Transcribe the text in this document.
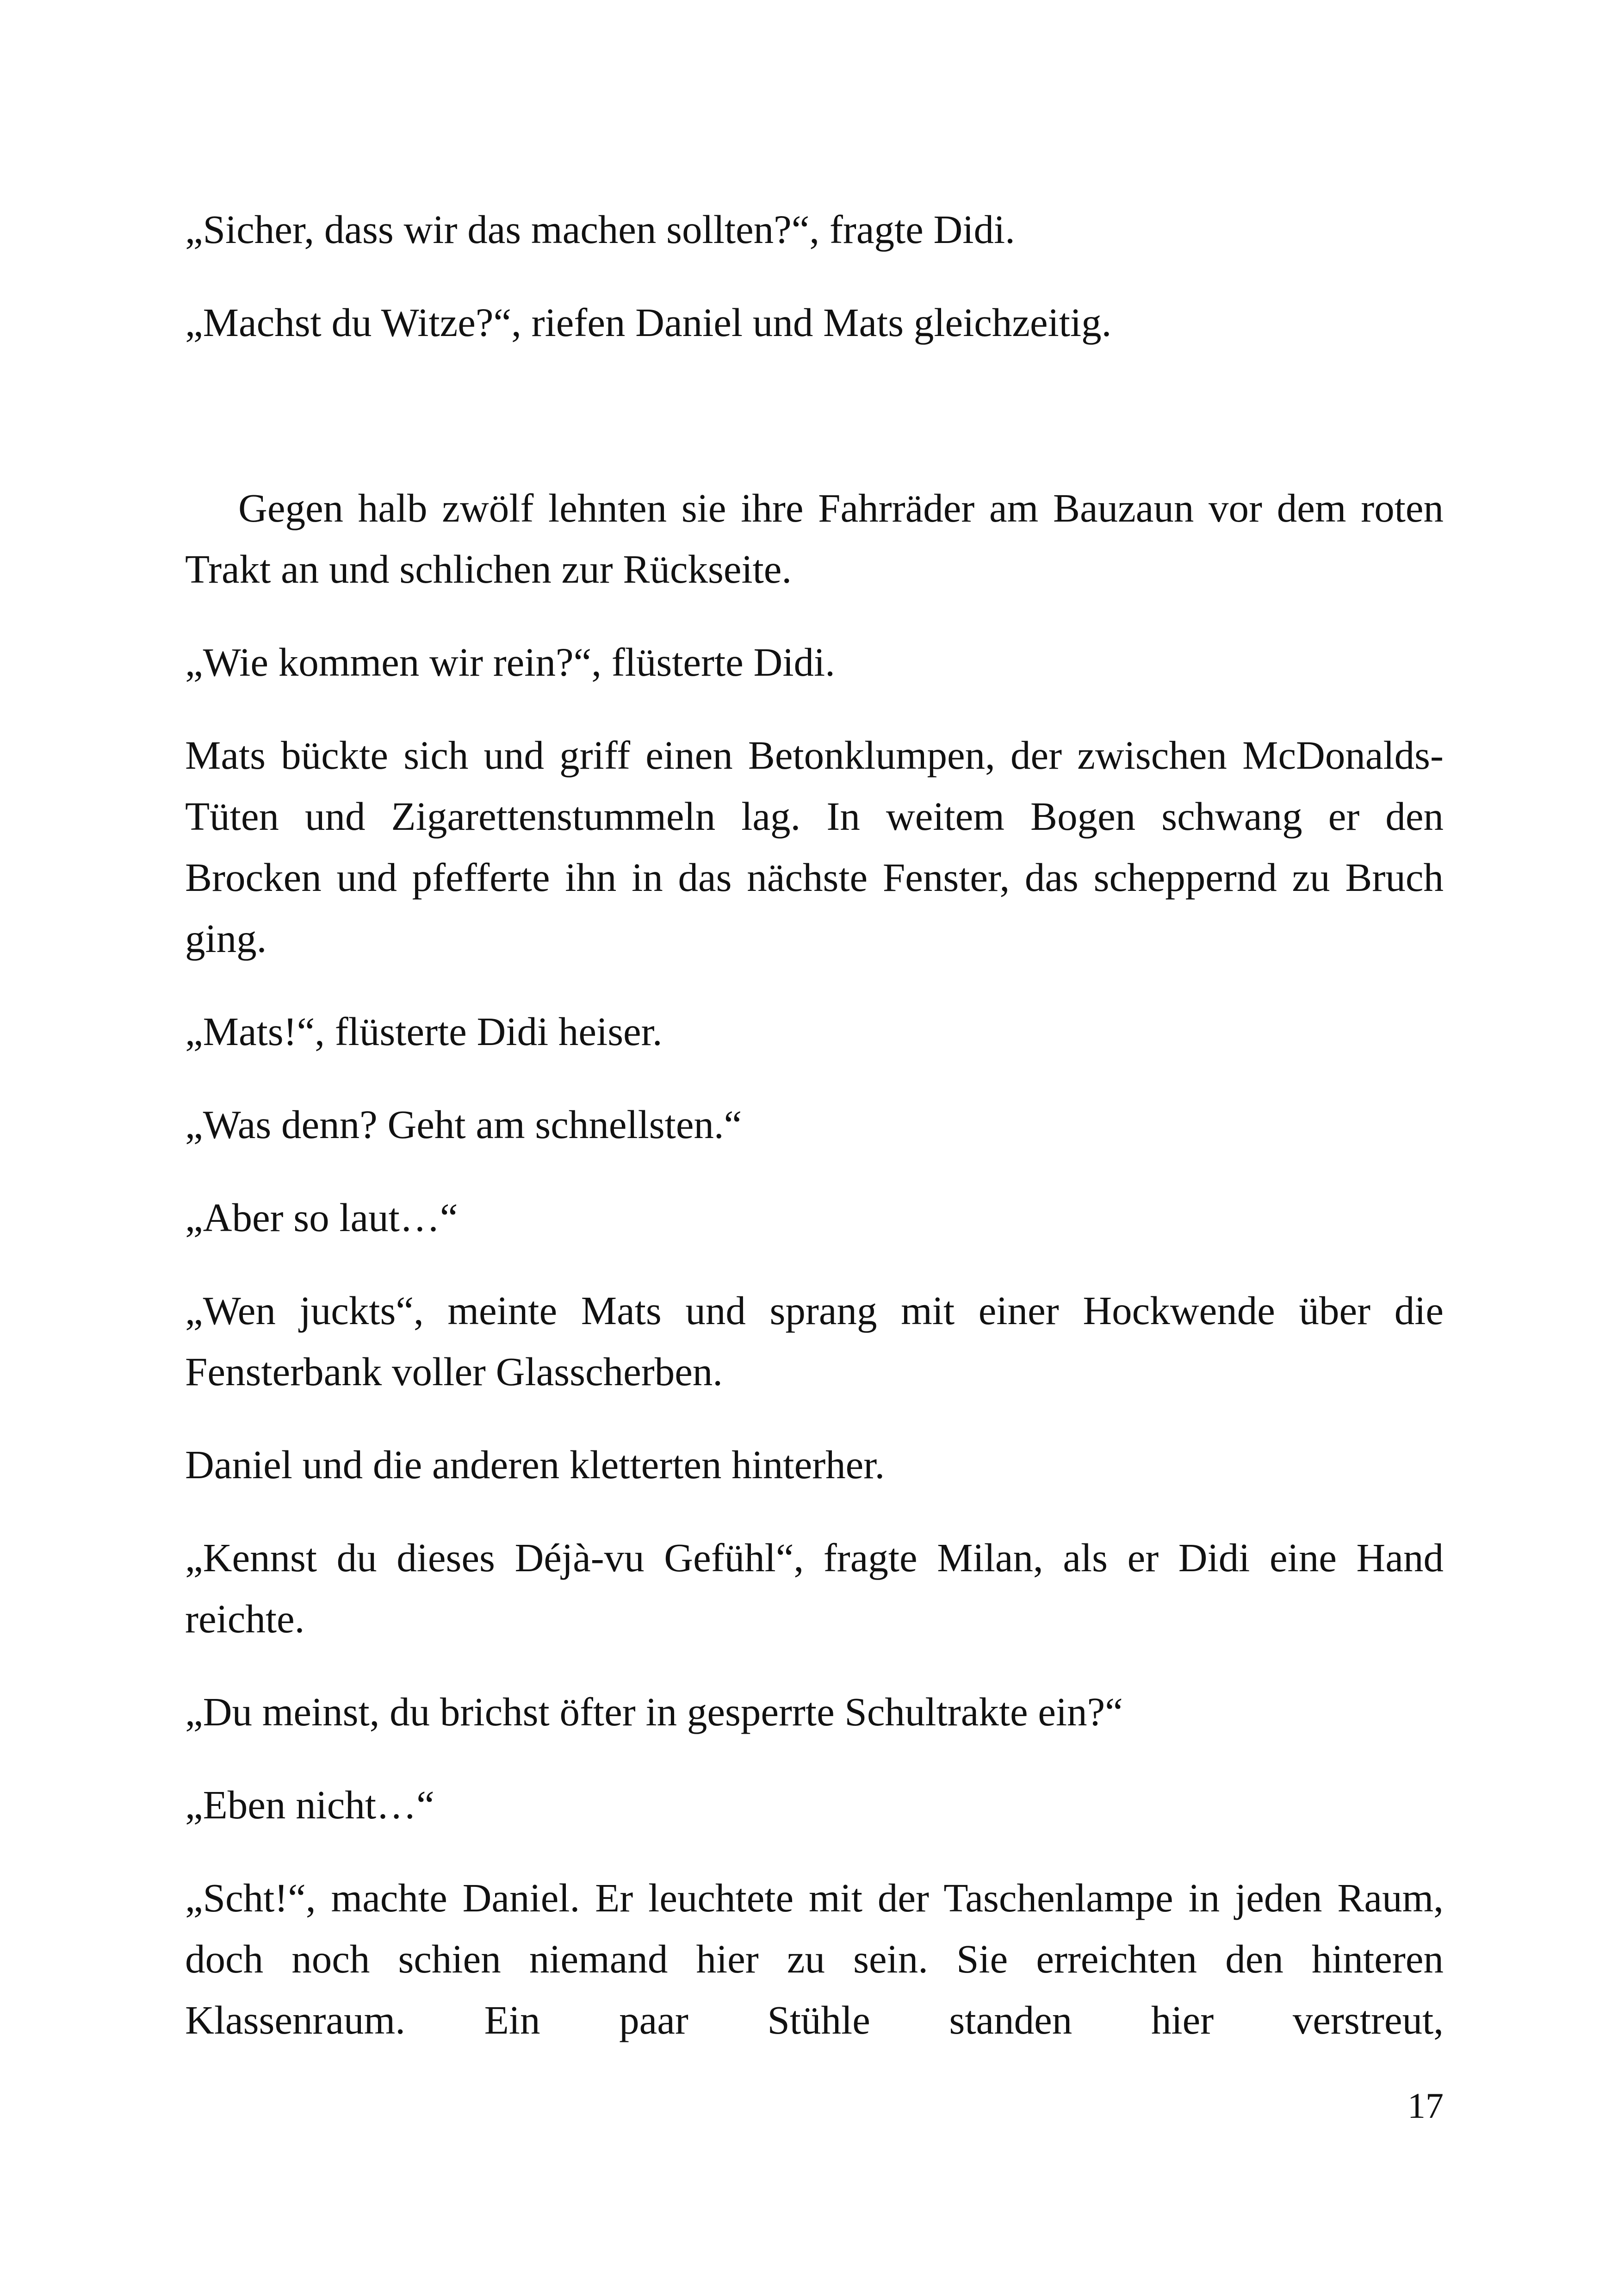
„Sicher, dass wir das machen sollten?“, fragte Didi.

„Machst du Witze?“, riefen Daniel und Mats gleichzeitig.

Gegen halb zwölf lehnten sie ihre Fahrräder am Bauzaun vor dem roten Trakt an und schlichen zur Rückseite.

„Wie kommen wir rein?“, flüsterte Didi.

Mats bückte sich und griff einen Betonklumpen, der zwischen McDonalds-Tüten und Zigarettenstummeln lag. In weitem Bogen schwang er den Brocken und pfefferte ihn in das nächste Fenster, das scheppernd zu Bruch ging.

„Mats!“, flüsterte Didi heiser.

„Was denn? Geht am schnellsten.“

„Aber so laut…“

„Wen juckts“, meinte Mats und sprang mit einer Hockwende über die Fensterbank voller Glasscherben.

Daniel und die anderen kletterten hinterher.

„Kennst du dieses Déjà-vu Gefühl“, fragte Milan, als er Didi eine Hand reichte.

„Du meinst, du brichst öfter in gesperrte Schultrakte ein?“

„Eben nicht…“

„Scht!“, machte Daniel. Er leuchtete mit der Taschenlampe in jeden Raum, doch noch schien niemand hier zu sein. Sie erreichten den hinteren Klassenraum. Ein paar Stühle standen hier verstreut,

17
